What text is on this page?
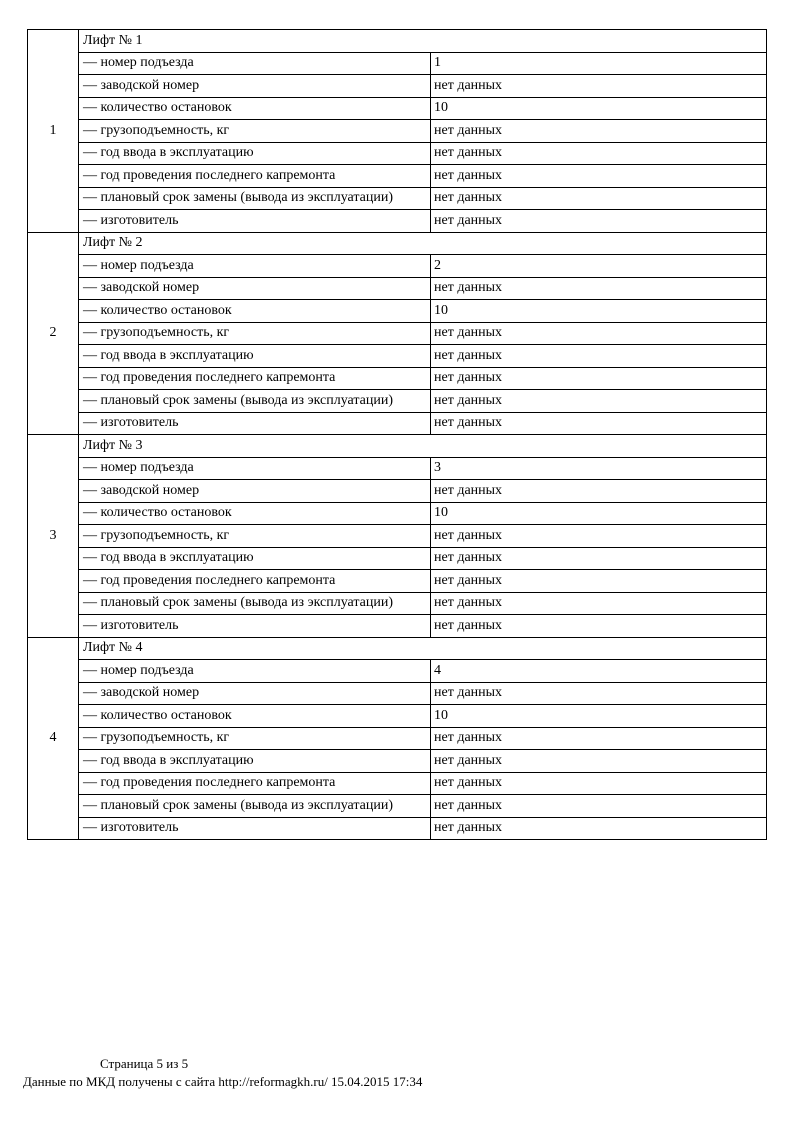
1	Лифт № 1	
	— номер подъезда	1
	— заводской номер	нет данных
	— количество остановок	10
	— грузоподъемность, кг	нет данных
	— год ввода в эксплуатацию	нет данных
	— год проведения последнего капремонта	нет данных
	— плановый срок замены (вывода из эксплуатации)	нет данных
	— изготовитель	нет данных
2	Лифт № 2	
	— номер подъезда	2
	— заводской номер	нет данных
	— количество остановок	10
	— грузоподъемность, кг	нет данных
	— год ввода в эксплуатацию	нет данных
	— год проведения последнего капремонта	нет данных
	— плановый срок замены (вывода из эксплуатации)	нет данных
	— изготовитель	нет данных
3	Лифт № 3	
	— номер подъезда	3
	— заводской номер	нет данных
	— количество остановок	10
	— грузоподъемность, кг	нет данных
	— год ввода в эксплуатацию	нет данных
	— год проведения последнего капремонта	нет данных
	— плановый срок замены (вывода из эксплуатации)	нет данных
	— изготовитель	нет данных
4	Лифт № 4	
	— номер подъезда	4
	— заводской номер	нет данных
	— количество остановок	10
	— грузоподъемность, кг	нет данных
	— год ввода в эксплуатацию	нет данных
	— год проведения последнего капремонта	нет данных
	— плановый срок замены (вывода из эксплуатации)	нет данных
	— изготовитель	нет данных
Страница 5 из 5
Данные по МКД получены с сайта http://reformagkh.ru/ 15.04.2015 17:34
